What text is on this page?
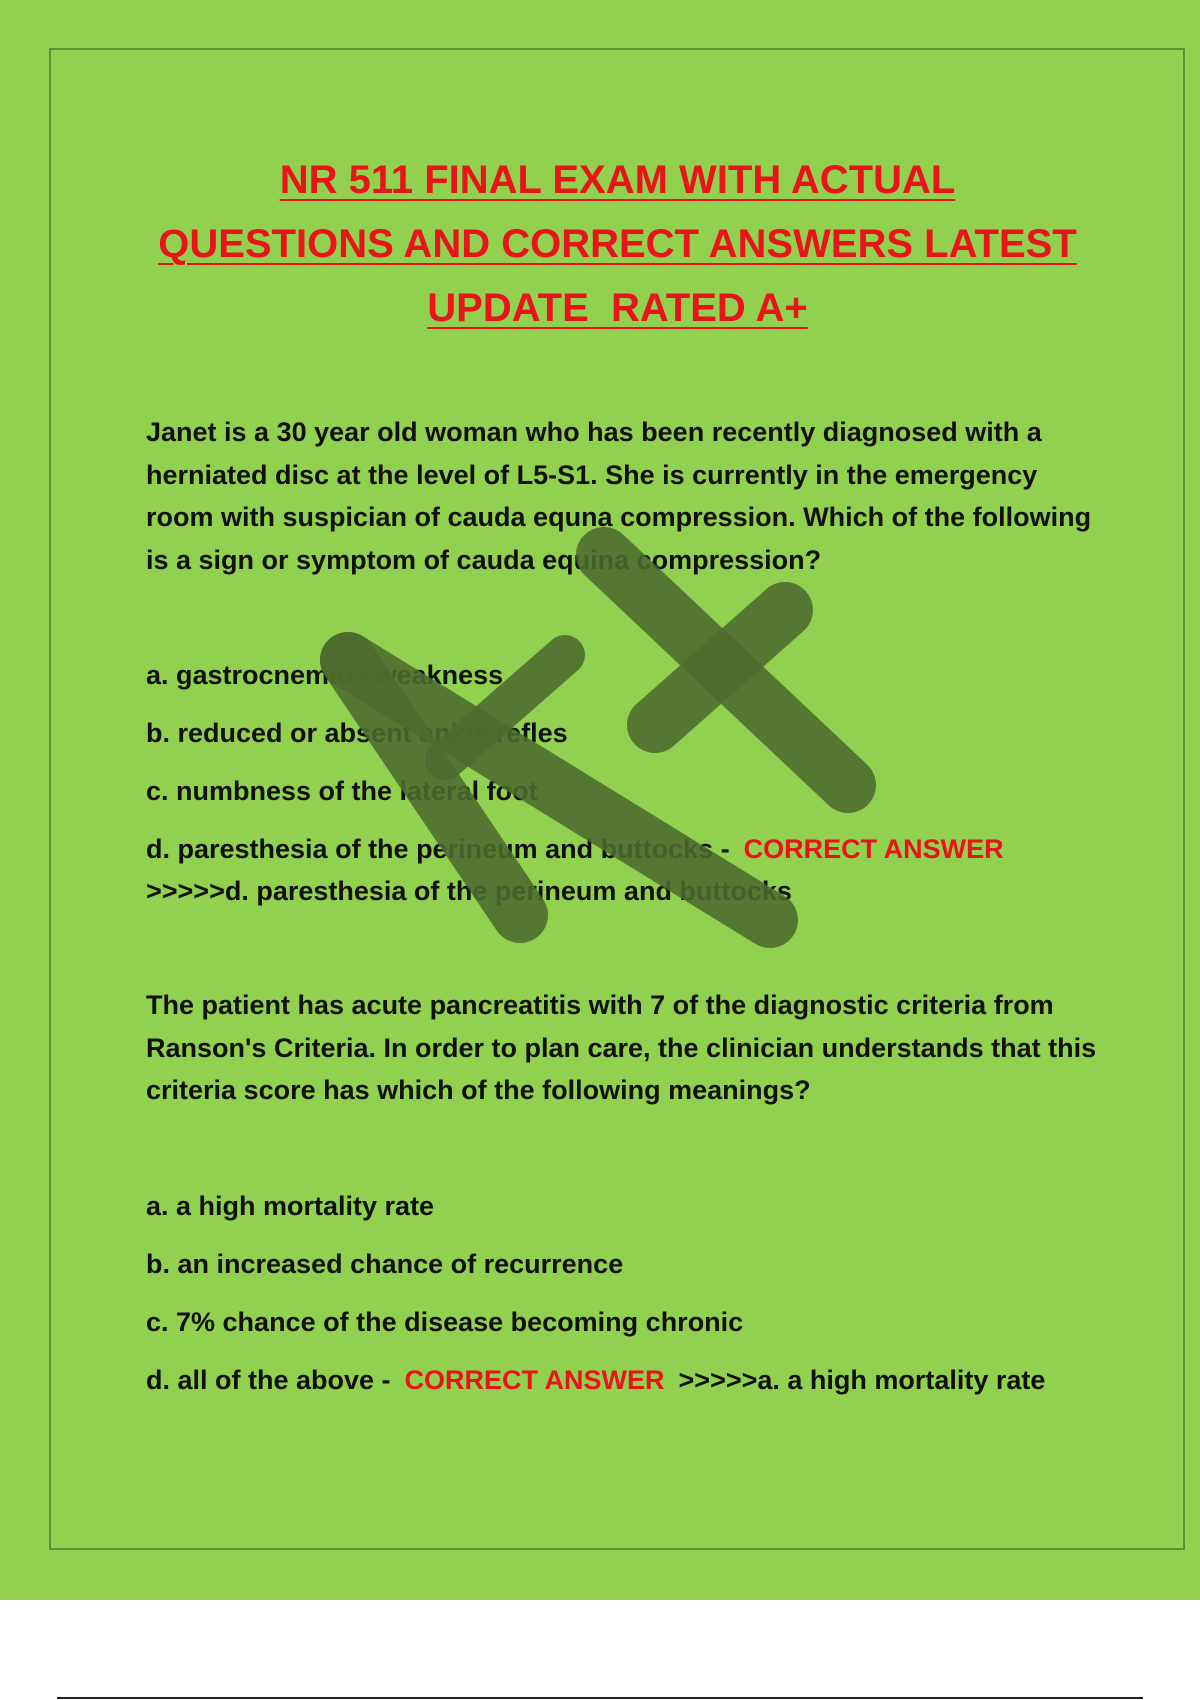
NR 511 FINAL EXAM WITH ACTUAL
QUESTIONS AND CORRECT ANSWERS LATEST
UPDATE  RATED A+

Janet is a 30 year old woman who has been recently diagnosed with a herniated disc at the level of L5-S1. She is currently in the emergency room with suspician of cauda equna compression. Which of the following is a sign or symptom of cauda equina compression?

a. gastrocnemius weakness

b. reduced or absent ankle refles

c. numbness of the lateral foot

d. paresthesia of the perineum and buttocks - CORRECT ANSWER
>>>>>d. paresthesia of the perineum and buttocks

The patient has acute pancreatitis with 7 of the diagnostic criteria from Ranson's Criteria. In order to plan care, the clinician understands that this criteria score has which of the following meanings?

a. a high mortality rate

b. an increased chance of recurrence

c. 7% chance of the disease becoming chronic

d. all of the above - CORRECT ANSWER >>>>>a. a high mortality rate
